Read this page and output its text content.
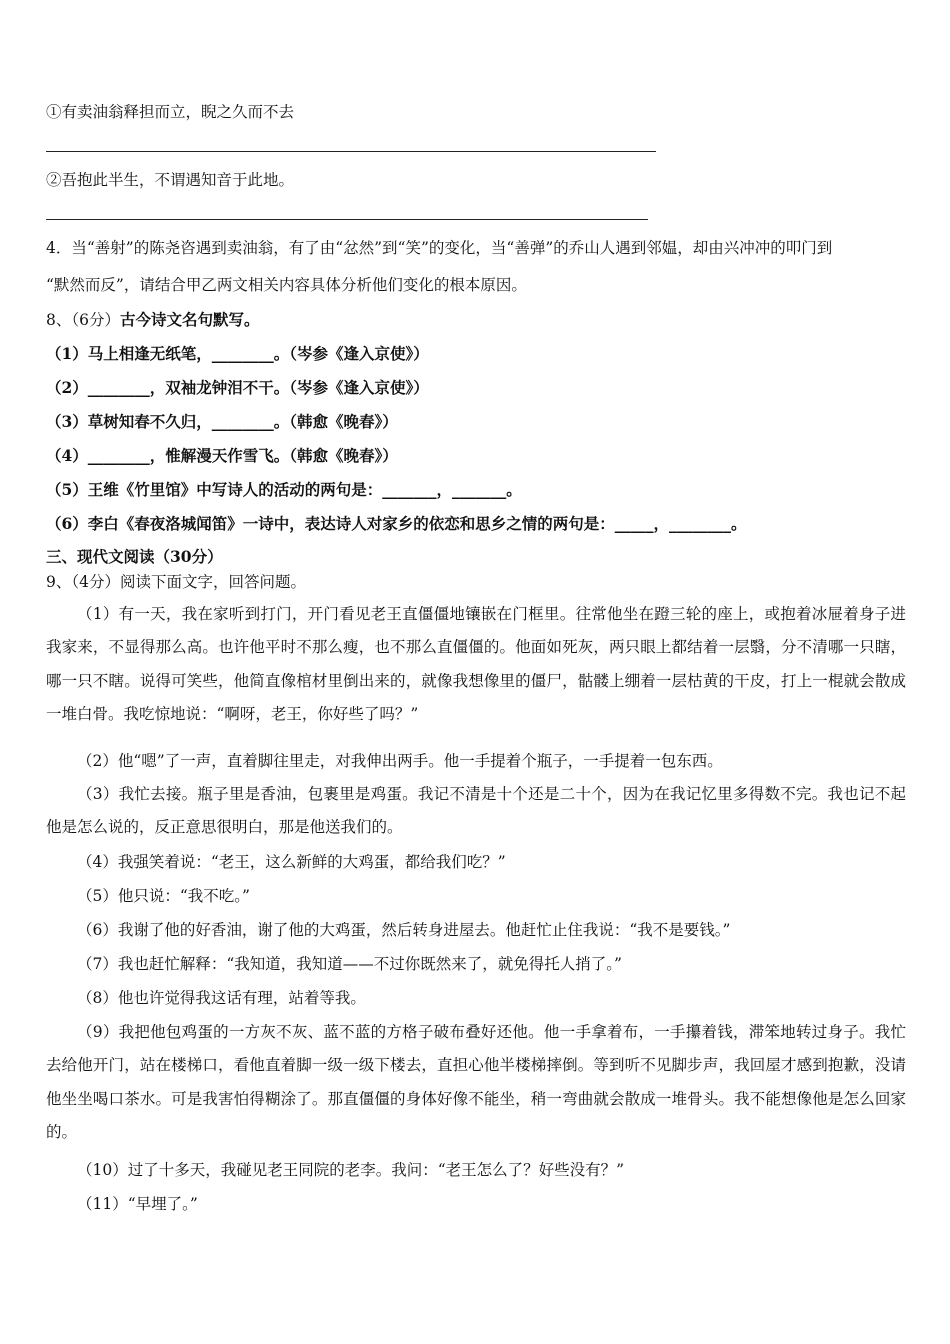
①有卖油翁释担而立，睨之久而不去
②吾抱此半生，不谓遇知音于此地。
4．当“善射”的陈尧咨遇到卖油翁，有了由“忿然”到“笑”的变化，当“善弹”的乔山人遇到邻媪，却由兴冲冲的叩门到
“默然而反”，请结合甲乙两文相关内容具体分析他们变化的根本原因。
8、（6分）古今诗文名句默写。
（1）马上相逢无纸笔，________。（岑参《逢入京使》）
（2）________，双袖龙钟泪不干。（岑参《逢入京使》）
（3）草树知春不久归，________。（韩愈《晚春》）
（4）________，惟解漫天作雪飞。（韩愈《晚春》）
（5）王维《竹里馆》中写诗人的活动的两句是：_______，_______。
（6）李白《春夜洛城闻笛》一诗中，表达诗人对家乡的依恋和思乡之情的两句是：_____，________。
三、现代文阅读（30分）
9、（4分）阅读下面文字，回答问题。
（1）有一天，我在家听到打门，开门看见老王直僵僵地镶嵌在门框里。往常他坐在蹬三轮的座上，或抱着冰屉着身子进我家来，不显得那么高。也许他平时不那么瘦，也不那么直僵僵的。他面如死灰，两只眼上都结着一层翳，分不清哪一只瞎，哪一只不瞎。说得可笑些，他简直像棺材里倒出来的，就像我想像里的僵尸，骷髅上绷着一层枯黄的干皮，打上一棍就会散成一堆白骨。我吃惊地说：“啊呀，老王，你好些了吗？”
（2）他“嗯”了一声，直着脚往里走，对我伸出两手。他一手提着个瓶子，一手提着一包东西。
（3）我忙去接。瓶子里是香油，包裹里是鸡蛋。我记不清是十个还是二十个，因为在我记忆里多得数不完。我也记不起他是怎么说的，反正意思很明白，那是他送我们的。
（4）我强笑着说：“老王，这么新鲜的大鸡蛋，都给我们吃？”
（5）他只说：“我不吃。”
（6）我谢了他的好香油，谢了他的大鸡蛋，然后转身进屋去。他赶忙止住我说：“我不是要钱。”
（7）我也赶忙解释：“我知道，我知道——不过你既然来了，就免得托人捎了。”
（8）他也许觉得我这话有理，站着等我。
（9）我把他包鸡蛋的一方灰不灰、蓝不蓝的方格子破布叠好还他。他一手拿着布，一手攥着钱，滞笨地转过身子。我忙去给他开门，站在楼梯口，看他直着脚一级一级下楼去，直担心他半楼梯摔倒。等到听不见脚步声，我回屋才感到抱歉，没请他坐坐喝口茶水。可是我害怕得糊涂了。那直僵僵的身体好像不能坐，稍一弯曲就会散成一堆骨头。我不能想像他是怎么回家的。
（10）过了十多天，我碰见老王同院的老李。我问：“老王怎么了？好些没有？”
（11）“早埋了。”
